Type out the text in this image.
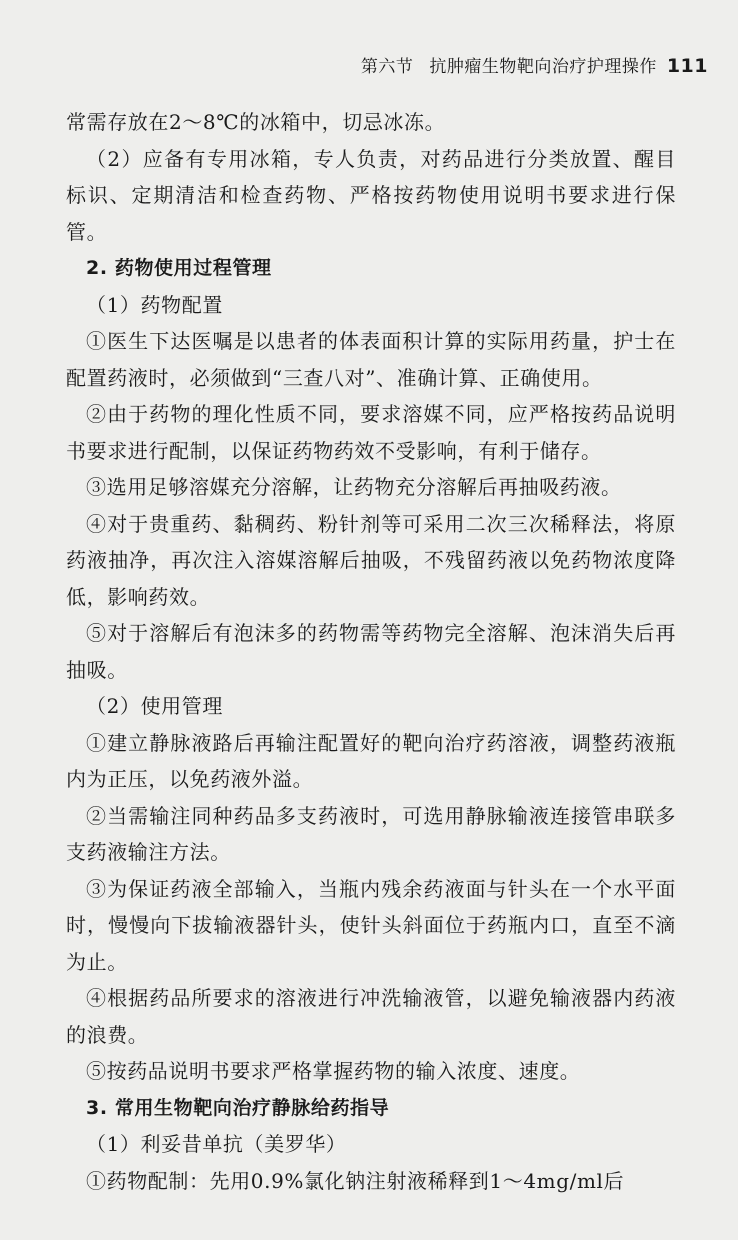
第六节 抗肿瘤生物靶向治疗护理操作 111

常需存放在2～8℃的冰箱中，切忌冰冻。

（2）应备有专用冰箱，专人负责，对药品进行分类放置、醒目标识、定期清洁和检查药物、严格按药物使用说明书要求进行保管。

2. 药物使用过程管理

（1）药物配置

①医生下达医嘱是以患者的体表面积计算的实际用药量，护士在配置药液时，必须做到“三查八对”、准确计算、正确使用。

②由于药物的理化性质不同，要求溶媒不同，应严格按药品说明书要求进行配制，以保证药物药效不受影响，有利于储存。

③选用足够溶媒充分溶解，让药物充分溶解后再抽吸药液。

④对于贵重药、黏稠药、粉针剂等可采用二次三次稀释法，将原药液抽净，再次注入溶媒溶解后抽吸，不残留药液以免药物浓度降低，影响药效。

⑤对于溶解后有泡沫多的药物需等药物完全溶解、泡沫消失后再抽吸。

（2）使用管理

①建立静脉液路后再输注配置好的靶向治疗药溶液，调整药液瓶内为正压，以免药液外溢。

②当需输注同种药品多支药液时，可选用静脉输液连接管串联多支药液输注方法。

③为保证药液全部输入，当瓶内残余药液面与针头在一个水平面时，慢慢向下拔输液器针头，使针头斜面位于药瓶内口，直至不滴为止。

④根据药品所要求的溶液进行冲洗输液管，以避免输液器内药液的浪费。

⑤按药品说明书要求严格掌握药物的输入浓度、速度。

3. 常用生物靶向治疗静脉给药指导

（1）利妥昔单抗（美罗华）

①药物配制：先用0.9%氯化钠注射液稀释到1～4mg/ml后
